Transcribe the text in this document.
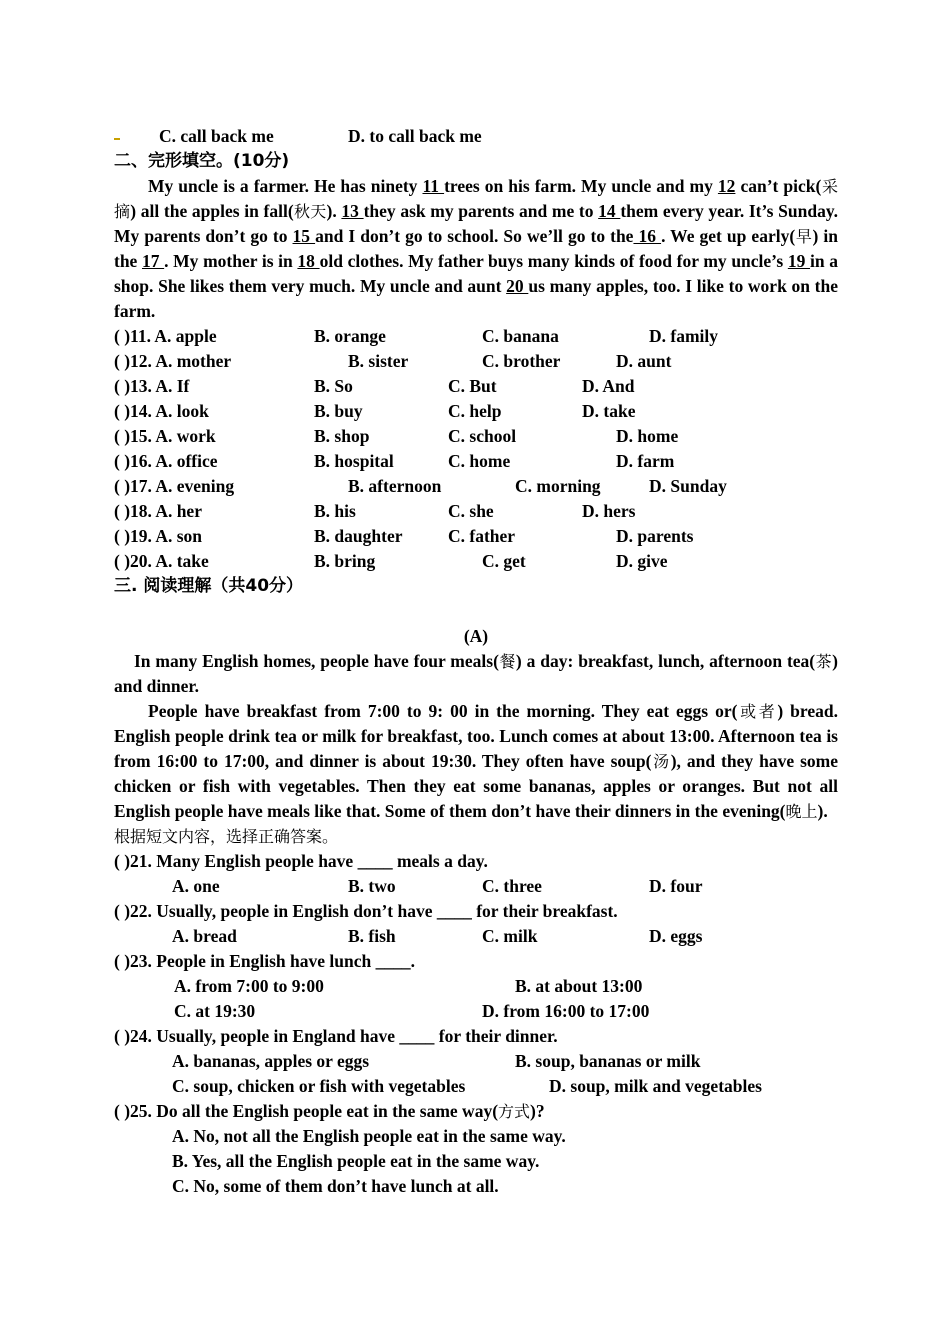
C. call back me	D. to call back me
二、完形填空。(10分)
My uncle is a farmer. He has ninety 11 trees on his farm. My uncle and my 12 can’t pick(采摘) all the apples in fall(秋天). 13 they ask my parents and me to 14 them every year. It’s Sunday. My parents don’t go to 15 and I don’t go to school. So we’ll go to the 16 . We get up early(早) in the 17 . My mother is in 18 old clothes. My father buys many kinds of food for my uncle’s 19 in a shop. She likes them very much. My uncle and aunt 20 us many apples, too. I like to work on the farm.
( )11. A. apple	B. orange	C. banana	D. family
( )12. A. mother	B. sister	C. brother	D. aunt
( )13. A. If	B. So	C. But	D. And
( )14. A. look	B. buy	C. help	D. take
( )15. A. work	B. shop	C. school	D. home
( )16. A. office	B. hospital	C. home	D. farm
( )17. A. evening	B. afternoon	C. morning	D. Sunday
( )18. A. her	B. his	C. she	D. hers
( )19. A. son	B. daughter	C. father	D. parents
( )20. A. take	B. bring	C. get	D. give
三. 阅读理解（共40分）
(A)
In many English homes, people have four meals(餐) a day: breakfast, lunch, afternoon tea(茶) and dinner.
People have breakfast from 7:00 to 9: 00 in the morning. They eat eggs or(或者) bread. English people drink tea or milk for breakfast, too. Lunch comes at about 13:00. Afternoon tea is from 16:00 to 17:00, and dinner is about 19:30. They often have soup(汤), and they have some chicken or fish with vegetables. Then they eat some bananas, apples or oranges. But not all English people have meals like that. Some of them don’t have their dinners in the evening(晚上).
根据短文内容，选择正确答案。
( )21. Many English people have ____ meals a day.
A. one	B. two	C. three	D. four
( )22. Usually, people in English don’t have ____ for their breakfast.
A. bread	B. fish	C. milk	D. eggs
( )23. People in English have lunch ____.
A. from 7:00 to 9:00	B. at about 13:00
C. at 19:30	D. from 16:00 to 17:00
( )24. Usually, people in England have ____ for their dinner.
A. bananas, apples or eggs	B. soup, bananas or milk
C. soup, chicken or fish with vegetables	D. soup, milk and vegetables
( )25. Do all the English people eat in the same way(方式)?
A. No, not all the English people eat in the same way.
B. Yes, all the English people eat in the same way.
C. No, some of them don’t have lunch at all.
